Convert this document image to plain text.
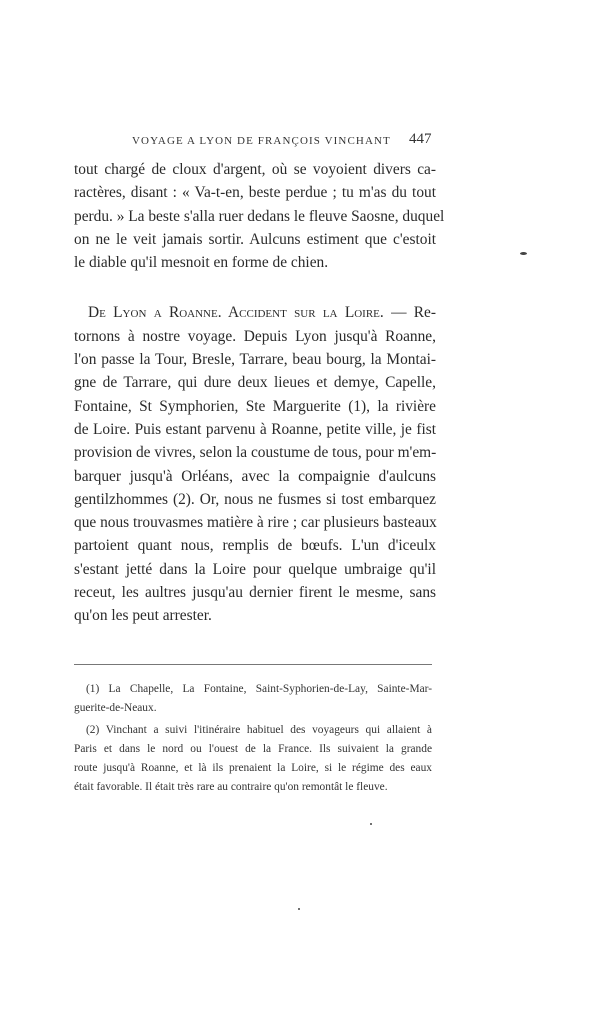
VOYAGE A LYON DE FRANÇOIS VINCHANT 447
tout chargé de cloux d'argent, où se voyoient divers ca-
ractères, disant : « Va-t-en, beste perdue ; tu m'as du tout
perdu. » La beste s'alla ruer dedans le fleuve Saosne, duquel
on ne le veit jamais sortir. Aulcuns estiment que c'estoit
le diable qu'il mesnoit en forme de chien.
De Lyon a Roanne. Accident sur la Loire. — Re-
tornons à nostre voyage. Depuis Lyon jusqu'à Roanne,
l'on passe la Tour, Bresle, Tarrare, beau bourg, la Montai-
gne de Tarrare, qui dure deux lieues et demye, Capelle,
Fontaine, St Symphorien, Ste Marguerite (1), la rivière
de Loire. Puis estant parvenu à Roanne, petite ville, je fist
provision de vivres, selon la coustume de tous, pour m'em-
barquer jusqu'à Orléans, avec la compaignie d'aulcuns
gentilzhommes (2). Or, nous ne fusmes si tost embarquez
que nous trouvasmes matière à rire ; car plusieurs basteaux
partoient quant nous, remplis de bœufs. L'un d'iceulx
s'estant jetté dans la Loire pour quelque umbraige qu'il
receut, les aultres jusqu'au dernier firent le mesme, sans
qu'on les peut arrester.
(1) La Chapelle, La Fontaine, Saint-Syphorien-de-Lay, Sainte-Mar-
guerite-de-Neaux.
(2) Vinchant a suivi l'itinéraire habituel des voyageurs qui allaient à
Paris et dans le nord ou l'ouest de la France. Ils suivaient la grande
route jusqu'à Roanne, et là ils prenaient la Loire, si le régime des eaux
était favorable. Il était très rare au contraire qu'on remontât le fleuve.
